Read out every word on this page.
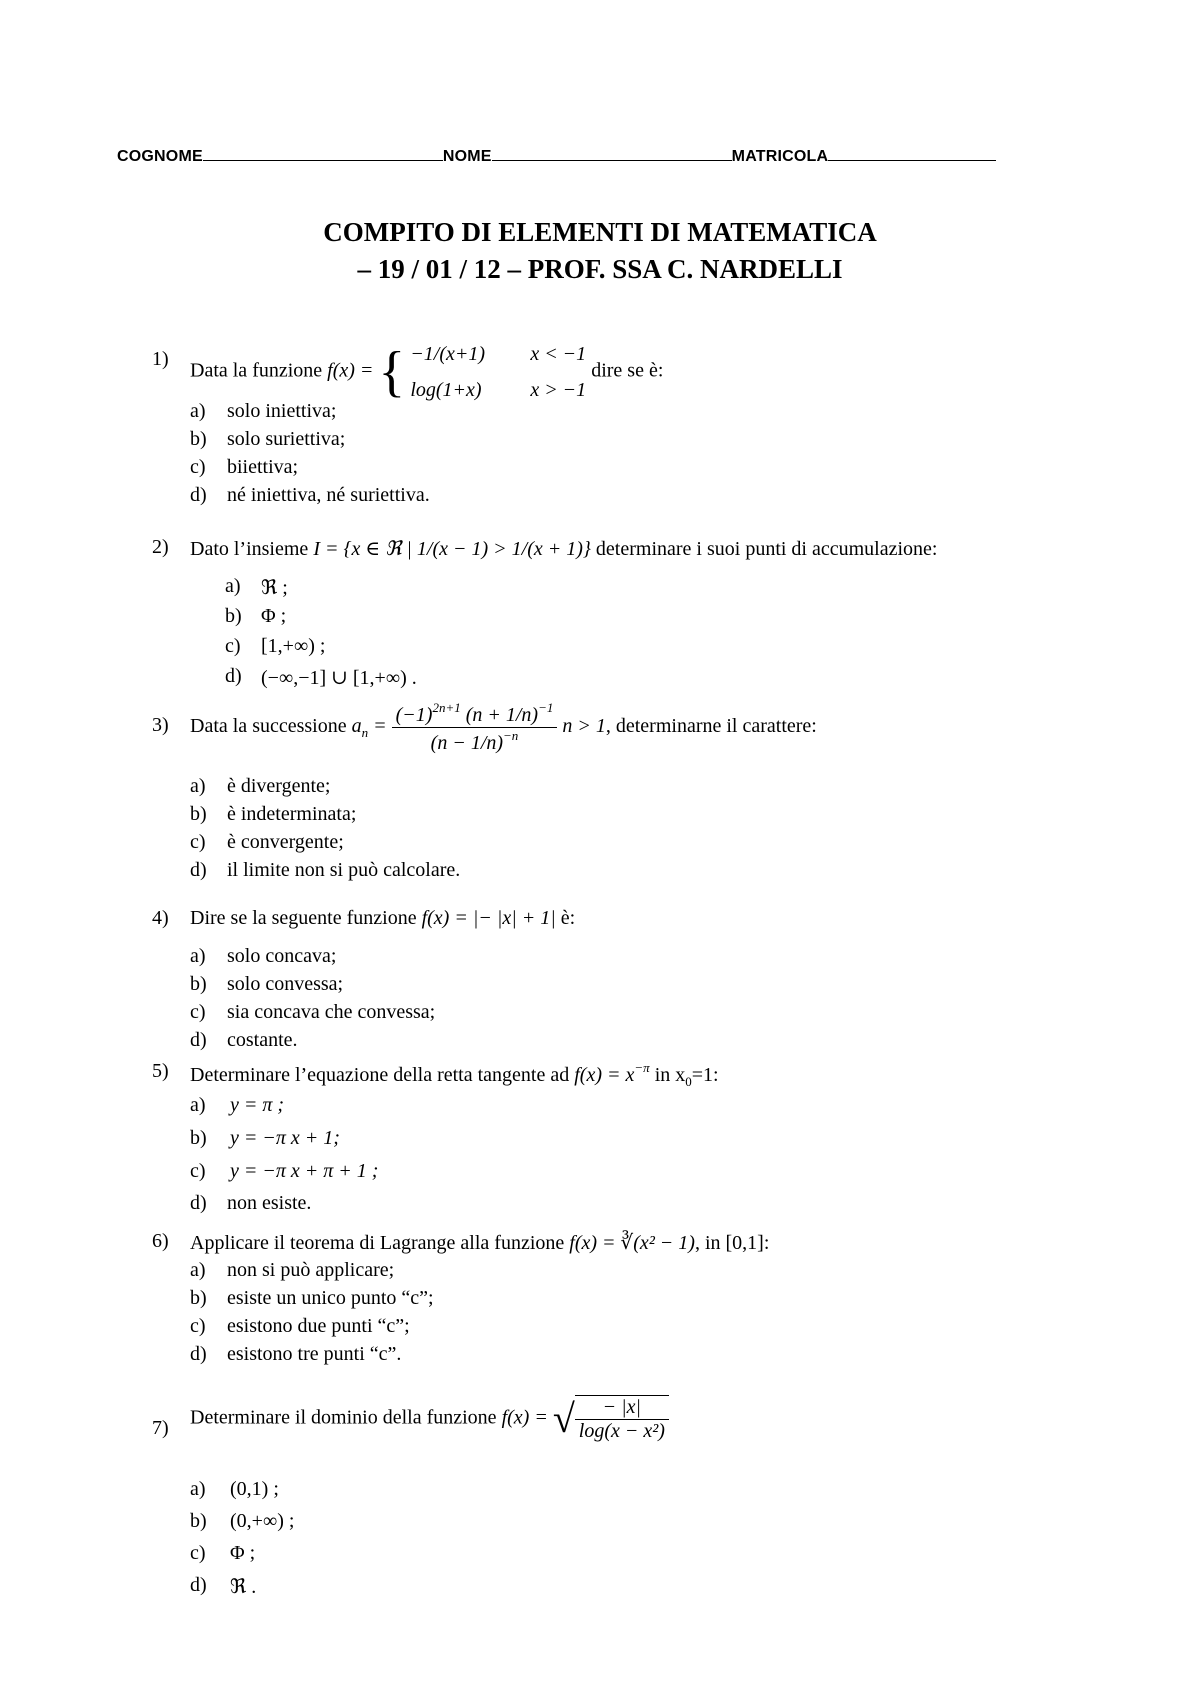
COGNOME	NOME	MATRICOLA
COMPITO DI ELEMENTI DI MATEMATICA
– 19 / 01 / 12 – PROF. SSA C. NARDELLI
1)
Data la funzione f(x) = { −1/(x+1) x < −1
log(1+x) x > −1
dire se è:
a) solo iniettiva;
b) solo suriettiva;
c) biiettiva;
d) né iniettiva, né suriettiva.
2) Dato l’insieme I = {x ∈ ℜ | 1/(x − 1) > 1/(x + 1)} determinare i suoi punti di accumulazione:
a) ℜ ;
b) Φ ;
c) [1,+∞) ;
d) (−∞,−1] ∪ [1,+∞) .
3) Data la successione $a_n = \frac{(-1)^{2n+1} (n + 1/n)^{-1}}{(n - 1/n)^{-n}}$ n > 1, determinarne il carattere:
a) è divergente;
b) è indeterminata;
c) è convergente;
d) il limite non si può calcolare.
4) Dire se la seguente funzione f(x) = |− |x| + 1| è:
a) solo concava;
b) solo convessa;
c) sia concava che convessa;
d) costante.
5) Determinare l’equazione della retta tangente ad $f(x) = x^{-\pi}$ in $x_0=1$:
a) y = π ;
b) y = −π x + 1;
c) y = −π x + π + 1 ;
d) non esiste.
6) Applicare il teorema di Lagrange alla funzione f(x) = ∛(x² − 1), in [0,1]:
a) non si può applicare;
b) esiste un unico punto “c”;
c) esistono due punti “c”;
d) esistono tre punti “c”.
7) Determinare il dominio della funzione f(x) = √ $\frac{- |x|}{\text{log(x − x²)}}$
a) (0,1) ;
b) (0,+∞) ;
c) Φ ;
d) ℜ .
